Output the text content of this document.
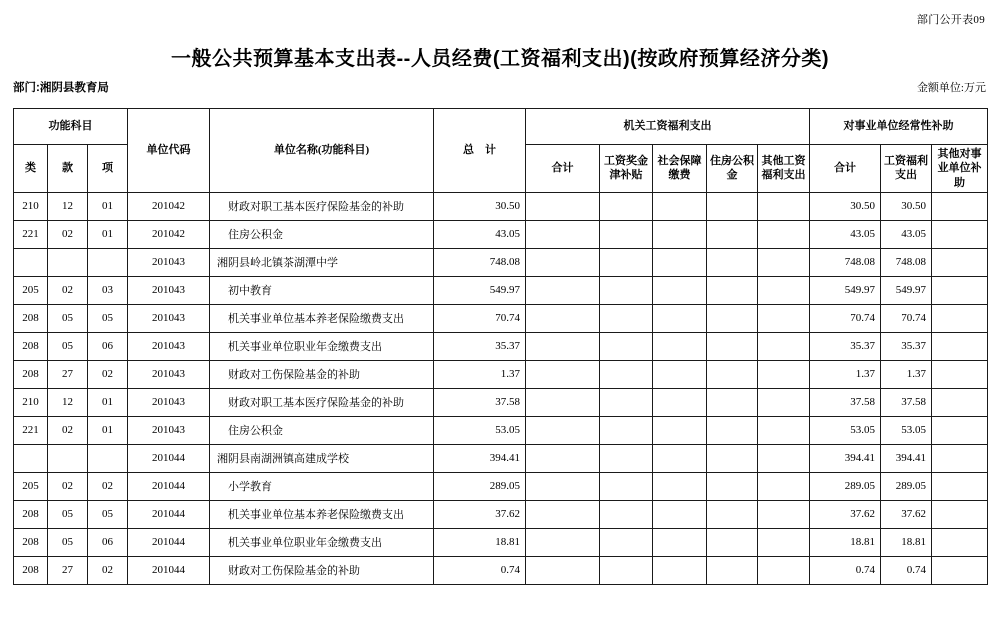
部门公开表09
一般公共预算基本支出表--人员经费(工资福利支出)(按政府预算经济分类)
部门:湘阴县教育局	金额单位:万元
功能科目			单位代码	单位名称(功能科目)	总　计	机关工资福利支出					对事业单位经常性补助		
类	款	项				合计	工资奖金津补贴	社会保障缴费	住房公积金	其他工资福利支出	合计	工资福利支出	其他对事业单位补助
210	12	01	201042	财政对职工基本医疗保险基金的补助	30.50						30.50	30.50	
221	02	01	201042	住房公积金	43.05						43.05	43.05	
			201043	湘阴县岭北镇茶湖潭中学	748.08						748.08	748.08	
205	02	03	201043	初中教育	549.97						549.97	549.97	
208	05	05	201043	机关事业单位基本养老保险缴费支出	70.74						70.74	70.74	
208	05	06	201043	机关事业单位职业年金缴费支出	35.37						35.37	35.37	
208	27	02	201043	财政对工伤保险基金的补助	1.37						1.37	1.37	
210	12	01	201043	财政对职工基本医疗保险基金的补助	37.58						37.58	37.58	
221	02	01	201043	住房公积金	53.05						53.05	53.05	
			201044	湘阴县南湖洲镇高建成学校	394.41						394.41	394.41	
205	02	02	201044	小学教育	289.05						289.05	289.05	
208	05	05	201044	机关事业单位基本养老保险缴费支出	37.62						37.62	37.62	
208	05	06	201044	机关事业单位职业年金缴费支出	18.81						18.81	18.81	
208	27	02	201044	财政对工伤保险基金的补助	0.74						0.74	0.74	
